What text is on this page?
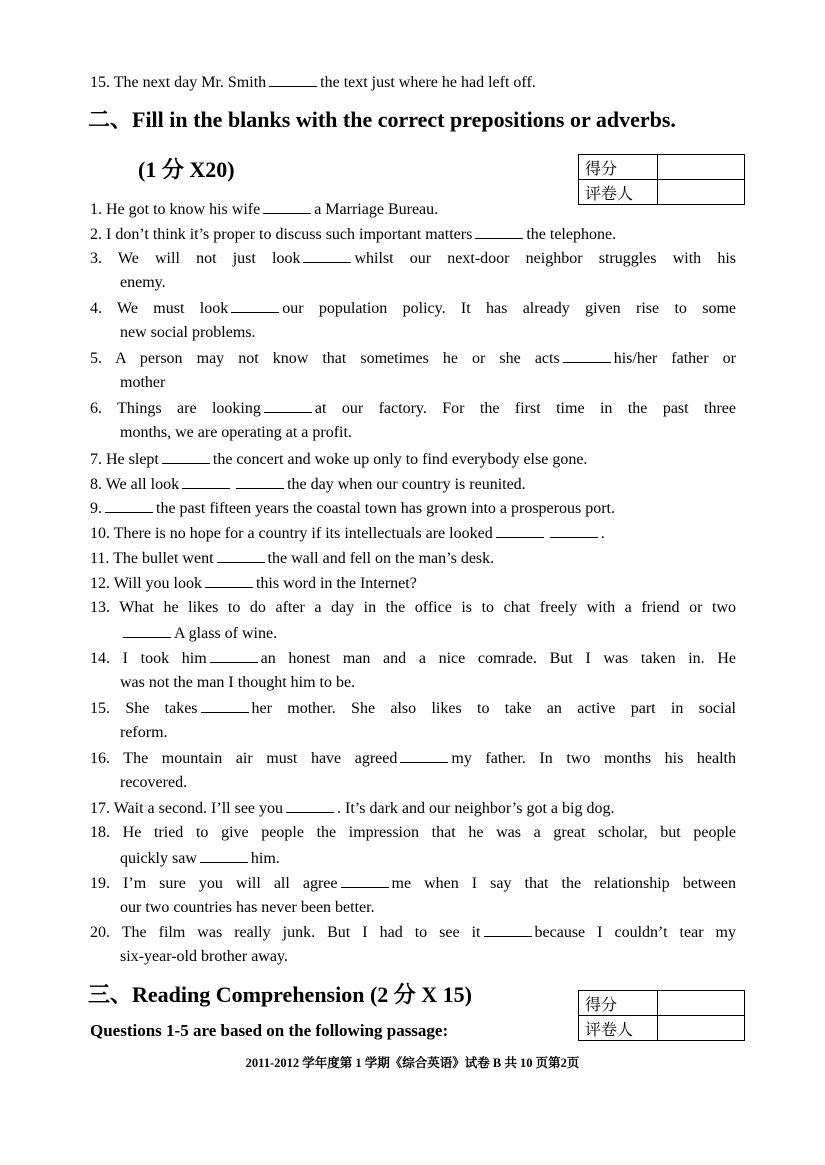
15. The next day Mr. Smith	the text just where he had left off.
二、Fill in the blanks with the correct prepositions or adverbs.
(1 分 X20)	得分	
评卷人	
1. He got to know his wife	a Marriage Bureau.
2. I don’t think it’s proper to discuss such important matters	the telephone.
3. We will not just look	whilst our next-door neighbor struggles with his
enemy.
4. We must look	our population policy. It has already given rise to some
new social problems.
5. A person may not know that sometimes he or she acts	his/her father or
mother
6. Things are looking	at our factory. For the first time in the past three
months, we are operating at a profit.
7. He slept	the concert and woke up only to find everybody else gone.
8. We all look	the day when our country is reunited.
9.	the past fifteen years the coastal town has grown into a prosperous port.
10. There is no hope for a country if its intellectuals are looked	.
11. The bullet went	the wall and fell on the man’s desk.
12. Will you look	this word in the Internet?
13. What he likes to do after a day in the office is to chat freely with a friend or two
A glass of wine.
14. I took him	an honest man and a nice comrade. But I was taken in. He
was not the man I thought him to be.
15. She takes	her mother. She also likes to take an active part in social
reform.
16. The mountain air must have agreed	my father. In two months his health
recovered.
17. Wait a second. I’ll see you	. It’s dark and our neighbor’s got a big dog.
18. He tried to give people the impression that he was a great scholar, but people
quickly saw	him.
19. I’m sure you will all agree	me when I say that the relationship between
our two countries has never been better.
20. The film was really junk. But I had to see it	because I couldn’t tear my
six-year-old brother away.
三、Reading Comprehension (2 分 X 15)	得分	
评卷人	
Questions 1-5 are based on the following passage:
2011-2012 学年度第 1 学期《综合英语》试卷 B 共 10 页第2页
